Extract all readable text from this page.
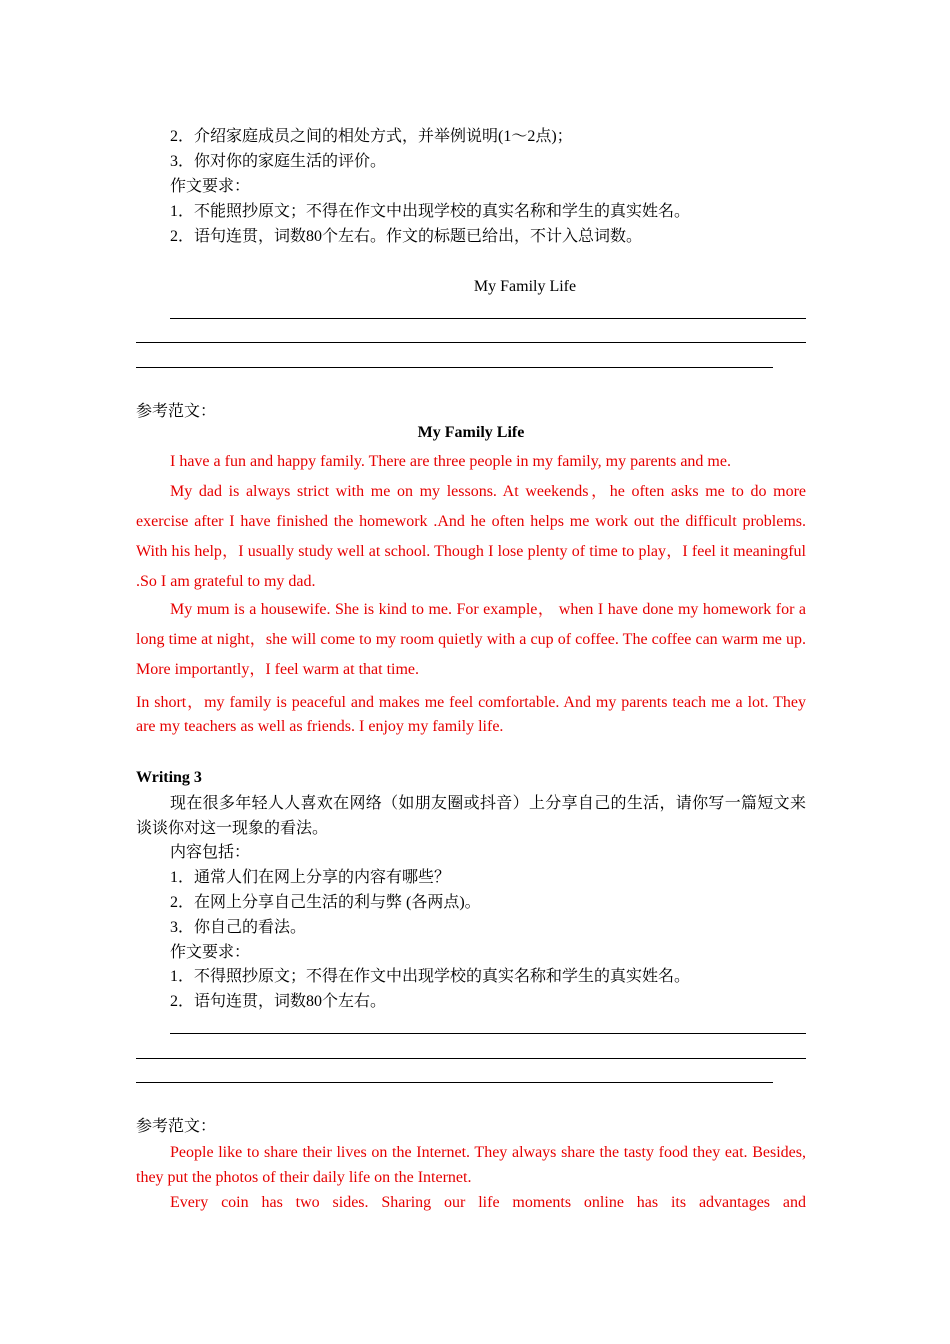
2．介绍家庭成员之间的相处方式，并举例说明(1～2点)；
3．你对你的家庭生活的评价。
作文要求：
1．不能照抄原文；不得在作文中出现学校的真实名称和学生的真实姓名。
2．语句连贯，词数80个左右。作文的标题已给出，不计入总词数。
My Family Life
参考范文：
My Family Life
I have a fun and happy family. There are three people in my family, my parents and me.
My dad is always strict with me on my lessons. At weekends，he often asks me to do more exercise after I have finished the homework .And he often helps me work out the difficult problems. With his help，I usually study well at school. Though I lose plenty of time to play，I feel it meaningful .So I am grateful to my dad.
My mum is a housewife. She is kind to me. For example， when I have done my homework for a long time at night，she will come to my room quietly with a cup of coffee. The coffee can warm me up. More importantly，I feel warm at that time.
In short，my family is peaceful and makes me feel comfortable. And my parents teach me a lot. They are my teachers as well as friends. I enjoy my family life.
Writing 3
现在很多年轻人人喜欢在网络（如朋友圈或抖音）上分享自己的生活，请你写一篇短文来谈谈你对这一现象的看法。
内容包括：
1．通常人们在网上分享的内容有哪些？
2．在网上分享自己生活的利与弊 (各两点)。
3．你自己的看法。
作文要求：
1．不得照抄原文；不得在作文中出现学校的真实名称和学生的真实姓名。
2．语句连贯，词数80个左右。
参考范文：
People like to share their lives on the Internet. They always share the tasty food they eat. Besides, they put the photos of their daily life on the Internet.
Every coin has two sides. Sharing our life moments online has its advantages and
